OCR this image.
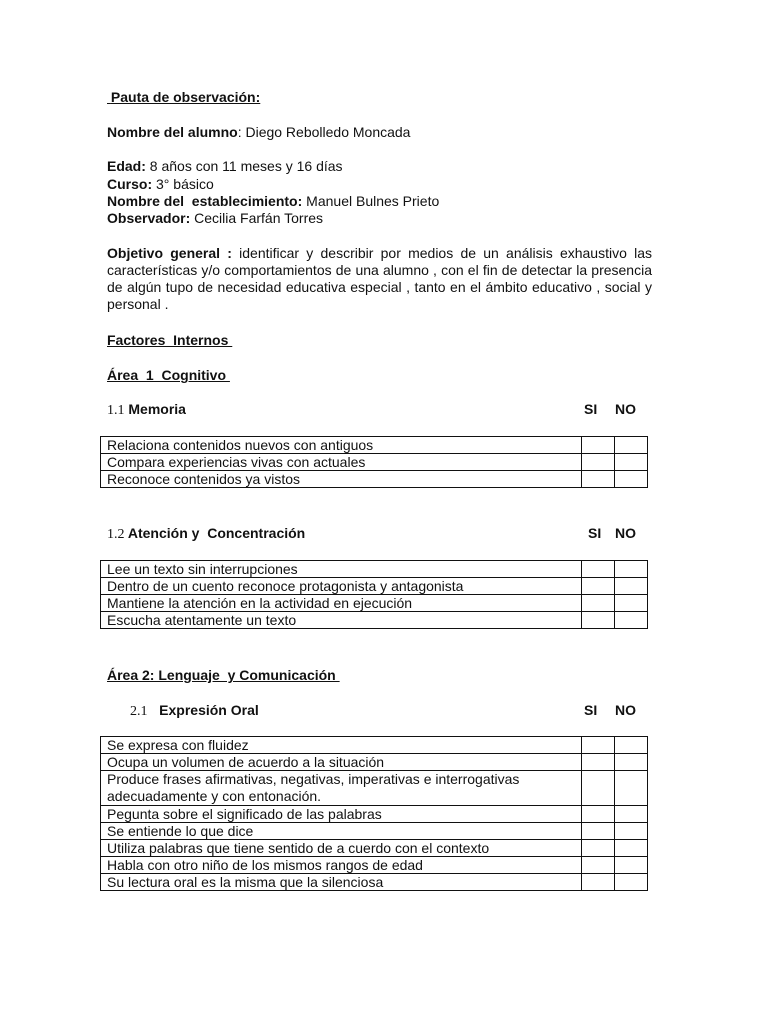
Pauta de observación:
Nombre del alumno: Diego Rebolledo Moncada
Edad: 8 años con 11 meses y 16 días
Curso: 3° básico
Nombre del  establecimiento: Manuel Bulnes Prieto
Observador: Cecilia Farfán Torres
Objetivo general : identificar y describir por medios de un análisis exhaustivo las características y/o comportamientos de una alumno , con el fin de detectar la presencia de algún tupo de necesidad educativa especial , tanto en el ámbito educativo , social y personal .
Factores  Internos
Área  1  Cognitivo
1.1 Memoria	SI NO
Relaciona contenidos nuevos con antiguos		
Compara experiencias vivas con actuales		
Reconoce contenidos ya vistos		
1.2 Atención y  Concentración	SI NO
Lee un texto sin interrupciones		
Dentro de un cuento reconoce protagonista y antagonista		
Mantiene la atención en la actividad en ejecución		
Escucha atentamente un texto		
Área 2: Lenguaje  y Comunicación
2.1 Expresión Oral	SI NO
Se expresa con fluidez		
Ocupa un volumen de acuerdo a la situación		
Produce frases afirmativas, negativas, imperativas e interrogativas adecuadamente y con entonación.		
Pegunta sobre el significado de las palabras		
Se entiende lo que dice		
Utiliza palabras que tiene sentido de a cuerdo con el contexto		
Habla con otro niño de los mismos rangos de edad		
Su lectura oral es la misma que la silenciosa		
